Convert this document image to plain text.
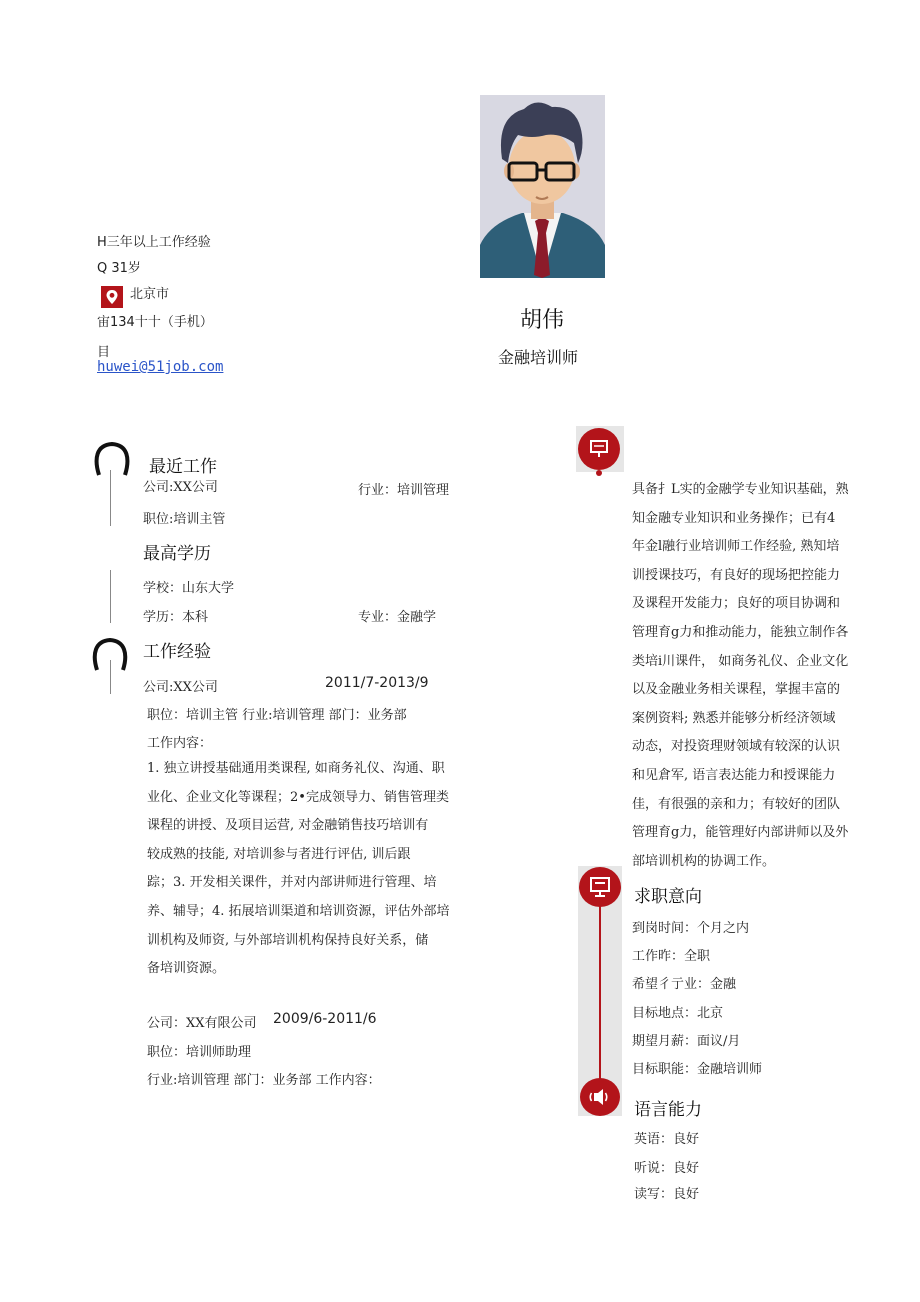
H三年以上工作经验
Q 31岁
北京市
宙134十十（手机）
目
huwei@51job.com
胡伟
金融培训师
最近工作
公司:XX公司	行业：培训管理
职位:培训主管
最高学历
学校：山东大学
学历：本科	专业：金融学
工作经验
公司:XX公司	2011/7-2013/9
职位：培训主管 行业:培训管理 部门：业务部
工作内容：
1. 独立讲授基础通用类课程, 如商务礼仪、沟通、职
业化、企业文化等课程；2•完成领导力、销售管理类
课程的讲授、及项目运营, 对金融销售技巧培训有
较成熟的技能, 对培训参与者进行评估, 训后跟
踪；3. 开发相关课件，并对内部讲师进行管理、培
养、辅导；4. 拓展培训渠道和培训资源，评估外部培
训机构及师资, 与外部培训机构保持良好关系，储
备培训资源。
公司：XX有限公司 2009/6-2011/6
职位：培训师助理
行业:培训管理 部门：业务部 工作内容：
具备扌L实的金融学专业知识基础，熟
知金融专业知识和业务操作；已有4
年金l融行业培训师工作经验, 熟知培
训授课技巧，有良好的现场把控能力
及课程开发能力；良好的项目协调和
管理育g力和推动能力，能独立制作各
类培i川课件， 如商务礼仪、企业文化
以及金融业务相关课程，掌握丰富的
案例资料; 熟悉并能够分析经济领域
动态，对投资理财领域有较深的认识
和见倉军, 语言表达能力和授课能力
佳，有很强的亲和力；有较好的团队
管理育g力，能管理好内部讲师以及外
部培训机构的协调工作。
求职意向
到岗时间：个月之内
工作昨：全职
希望彳亍业：金融
目标地点：北京
期望月薪：面议/月
目标职能：金融培训师
语言能力
英语：良好
听说：良好
读写：良好
